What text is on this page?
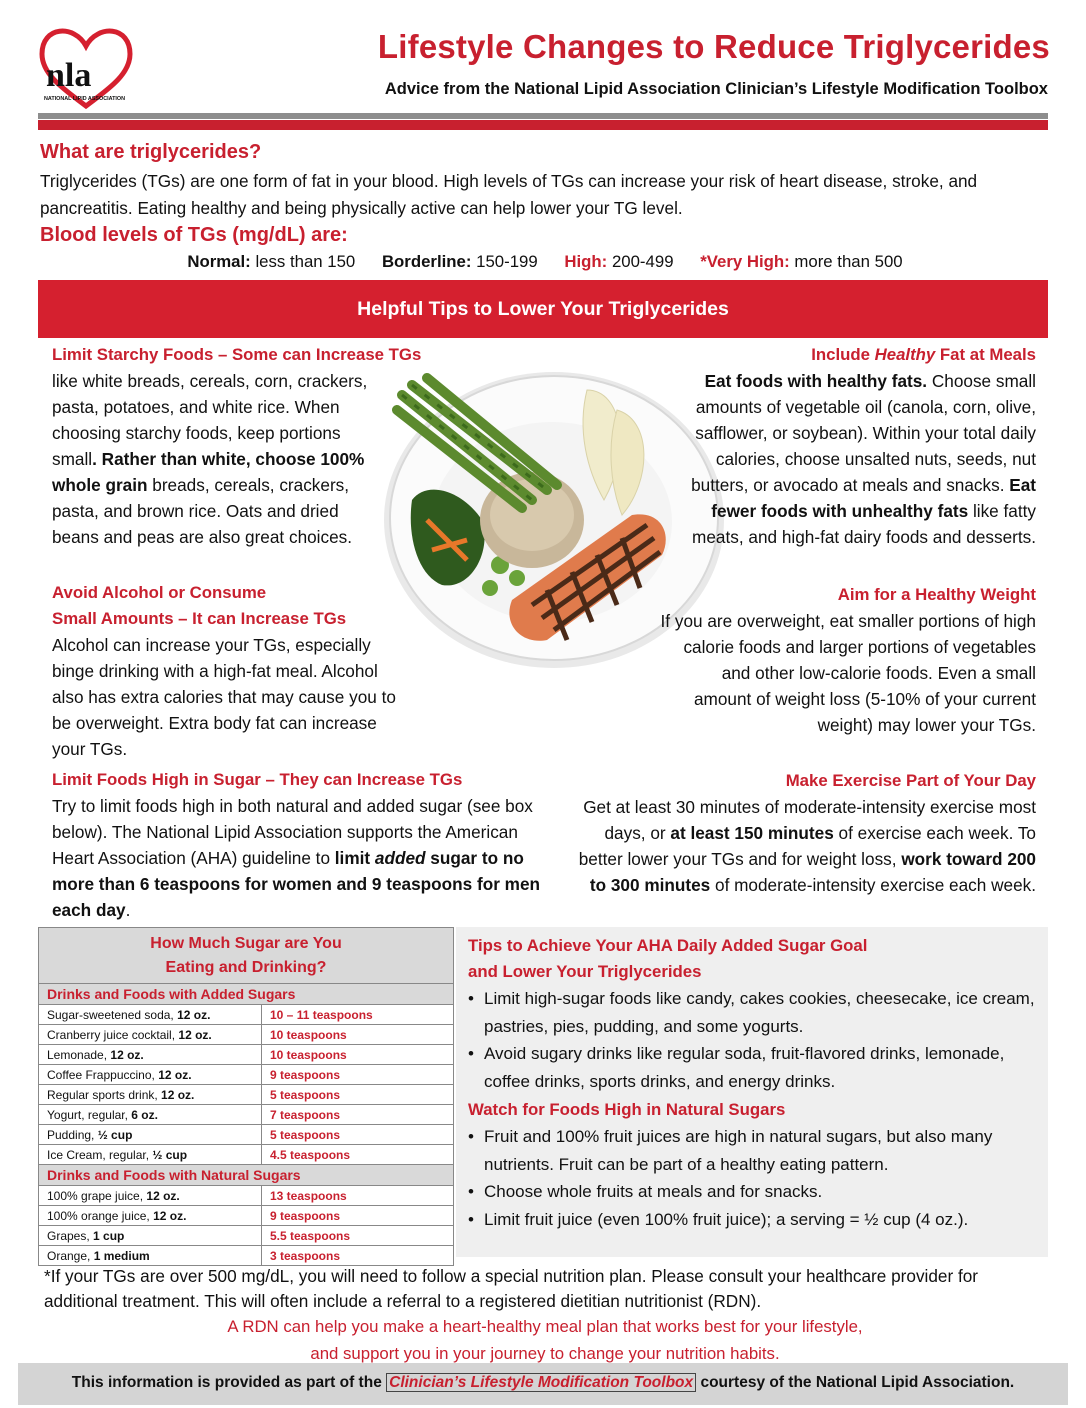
nla
NATIONAL LIPID ASSOCIATION
Lifestyle Changes to Reduce Triglycerides
Advice from the National Lipid Association Clinician’s Lifestyle Modification Toolbox
What are triglycerides?
Triglycerides (TGs) are one form of fat in your blood. High levels of TGs can increase your risk of heart disease, stroke, and pancreatitis. Eating healthy and being physically active can help lower your TG level.
Blood levels of TGs (mg/dL) are:
Normal: less than 150 Borderline: 150-199 High: 200-499 *Very High: more than 500
Helpful Tips to Lower Your Triglycerides
Limit Starchy Foods – Some can Increase TGs
like white breads, cereals, corn, crackers, pasta, potatoes, and white rice. When choosing starchy foods, keep portions small. Rather than white, choose 100% whole grain breads, cereals, crackers, pasta, and brown rice. Oats and dried beans and peas are also great choices.
Avoid Alcohol or Consume
Small Amounts – It can Increase TGs
Alcohol can increase your TGs, especially binge drinking with a high-fat meal. Alcohol also has extra calories that may cause you to be overweight. Extra body fat can increase your TGs.
Limit Foods High in Sugar – They can Increase TGs
Try to limit foods high in both natural and added sugar (see box below). The National Lipid Association supports the American Heart Association (AHA) guideline to limit added sugar to no more than 6 teaspoons for women and 9 teaspoons for men each day.
Include Healthy Fat at Meals
Eat foods with healthy fats. Choose small amounts of vegetable oil (canola, corn, olive, safflower, or soybean). Within your total daily calories, choose unsalted nuts, seeds, nut butters, or avocado at meals and snacks. Eat fewer foods with unhealthy fats like fatty meats, and high-fat dairy foods and desserts.
Aim for a Healthy Weight
If you are overweight, eat smaller portions of high calorie foods and larger portions of vegetables and other low-calorie foods. Even a small amount of weight loss (5-10% of your current weight) may lower your TGs.
Make Exercise Part of Your Day
Get at least 30 minutes of moderate-intensity exercise most days, or at least 150 minutes of exercise each week. To better lower your TGs and for weight loss, work toward 200 to 300 minutes of moderate-intensity exercise each week.
How Much Sugar are You
Eating and Drinking?
Drinks and Foods with Added Sugars
Sugar-sweetened soda, 12 oz.	10 – 11 teaspoons
Cranberry juice cocktail, 12 oz.	10 teaspoons
Lemonade, 12 oz.	10 teaspoons
Coffee Frappuccino, 12 oz.	9 teaspoons
Regular sports drink, 12 oz.	5 teaspoons
Yogurt, regular, 6 oz.	7 teaspoons
Pudding, ½ cup	5 teaspoons
Ice Cream, regular, ½ cup	4.5 teaspoons
Drinks and Foods with Natural Sugars
100% grape juice, 12 oz.	13 teaspoons
100% orange juice, 12 oz.	9 teaspoons
Grapes, 1 cup	5.5 teaspoons
Orange, 1 medium	3 teaspoons
Tips to Achieve Your AHA Daily Added Sugar Goal
and Lower Your Triglycerides
• Limit high-sugar foods like candy, cakes cookies, cheesecake, ice cream, pastries, pies, pudding, and some yogurts.
• Avoid sugary drinks like regular soda, fruit-flavored drinks, lemonade, coffee drinks, sports drinks, and energy drinks.
Watch for Foods High in Natural Sugars
• Fruit and 100% fruit juices are high in natural sugars, but also many nutrients. Fruit can be part of a healthy eating pattern.
• Choose whole fruits at meals and for snacks.
• Limit fruit juice (even 100% fruit juice); a serving = ½ cup (4 oz.).
*If your TGs are over 500 mg/dL, you will need to follow a special nutrition plan. Please consult your healthcare provider for additional treatment. This will often include a referral to a registered dietitian nutritionist (RDN).
A RDN can help you make a heart-healthy meal plan that works best for your lifestyle,
and support you in your journey to change your nutrition habits.
This information is provided as part of the Clinician’s Lifestyle Modification Toolbox courtesy of the National Lipid Association.
